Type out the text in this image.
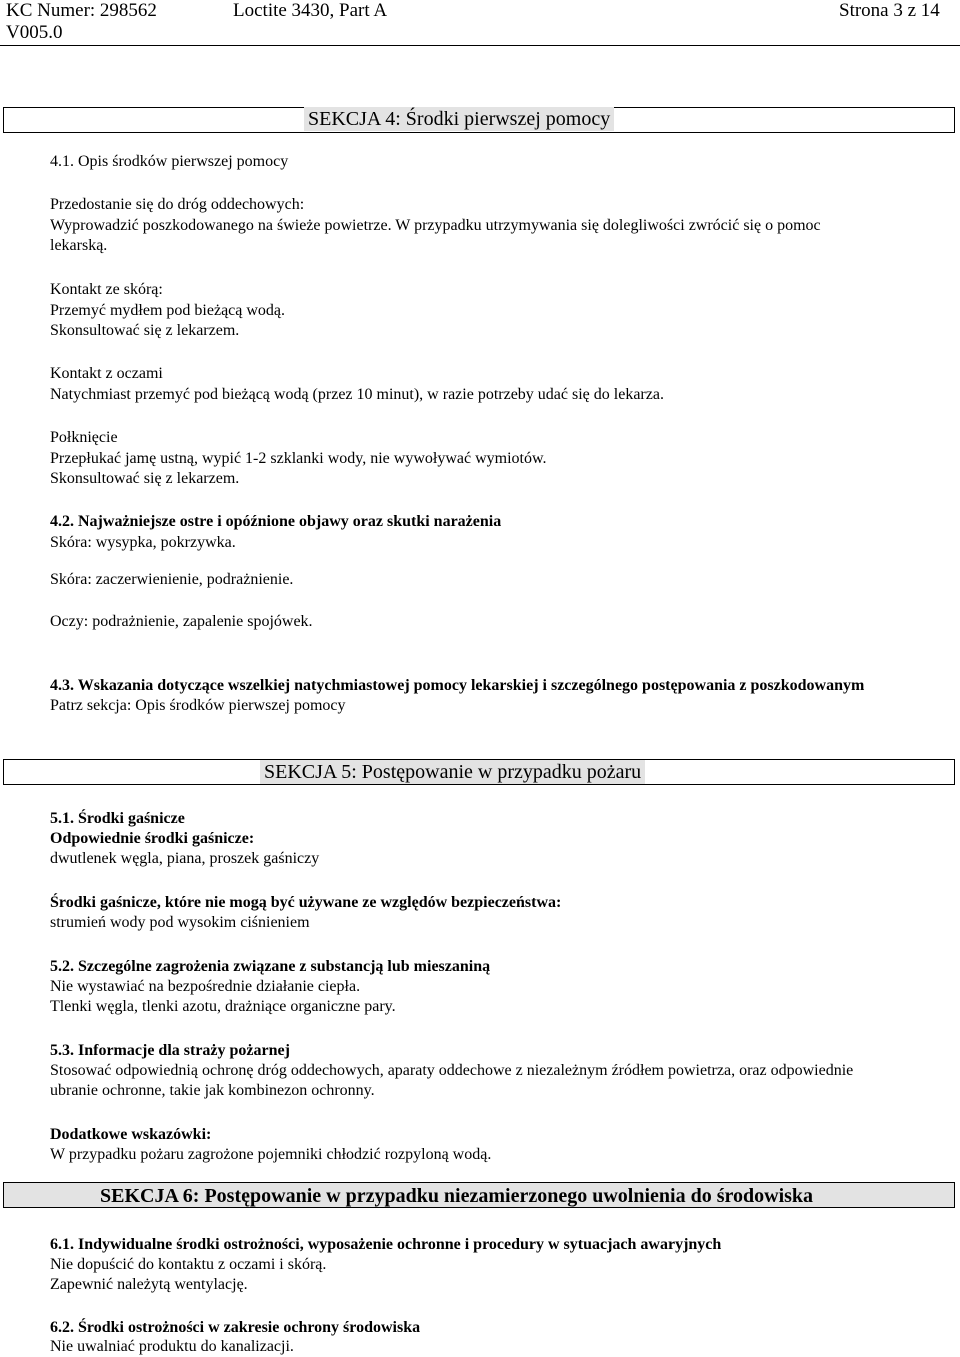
KC Numer: 298562
V005.0
Loctite 3430, Part A	Strona 3 z 14
SEKCJA 4: Środki pierwszej pomocy
4.1. Opis środków pierwszej pomocy
Przedostanie się do dróg oddechowych:
Wyprowadzić poszkodowanego na świeże powietrze. W przypadku utrzymywania się dolegliwości zwrócić się o pomoc
lekarską.
Kontakt ze skórą:
Przemyć mydłem pod bieżącą wodą.
Skonsultować się z lekarzem.
Kontakt z oczami
Natychmiast przemyć pod bieżącą wodą (przez 10 minut), w razie potrzeby udać się do lekarza.
Połknięcie
Przepłukać jamę ustną, wypić 1-2 szklanki wody, nie wywoływać wymiotów.
Skonsultować się z lekarzem.
4.2. Najważniejsze ostre i opóźnione objawy oraz skutki narażenia
Skóra: wysypka, pokrzywka.
Skóra: zaczerwienienie, podrażnienie.
Oczy: podrażnienie, zapalenie spojówek.
4.3. Wskazania dotyczące wszelkiej natychmiastowej pomocy lekarskiej i szczególnego postępowania z poszkodowanym
Patrz sekcja: Opis środków pierwszej pomocy
SEKCJA 5: Postępowanie w przypadku pożaru
5.1. Środki gaśnicze
Odpowiednie środki gaśnicze:
dwutlenek węgla, piana, proszek gaśniczy
Środki gaśnicze, które nie mogą być używane ze względów bezpieczeństwa:
strumień wody pod wysokim ciśnieniem
5.2. Szczególne zagrożenia związane z substancją lub mieszaniną
Nie wystawiać na bezpośrednie działanie ciepła.
Tlenki węgla, tlenki azotu, drażniące organiczne pary.
5.3. Informacje dla straży pożarnej
Stosować odpowiednią ochronę dróg oddechowych, aparaty oddechowe z niezależnym źródłem powietrza, oraz odpowiednie
ubranie ochronne, takie jak kombinezon ochronny.
Dodatkowe wskazówki:
W przypadku pożaru zagrożone pojemniki chłodzić rozpyloną wodą.
SEKCJA 6: Postępowanie w przypadku niezamierzonego uwolnienia do środowiska
6.1. Indywidualne środki ostrożności, wyposażenie ochronne i procedury w sytuacjach awaryjnych
Nie dopuścić do kontaktu z oczami i skórą.
Zapewnić należytą wentylację.
6.2. Środki ostrożności w zakresie ochrony środowiska
Nie uwalniać produktu do kanalizacji.
